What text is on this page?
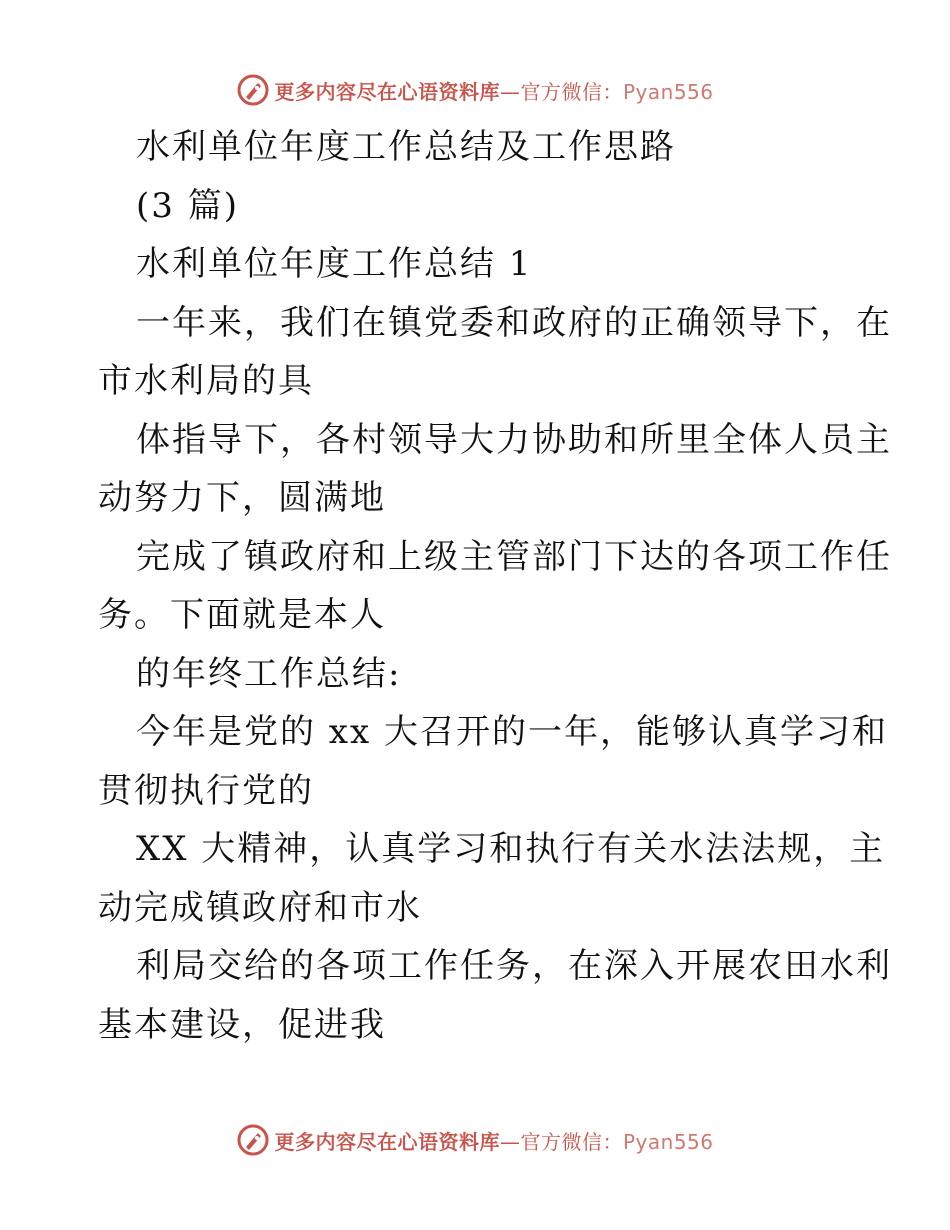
更多内容尽在心语资料库—官方微信：Pyan556
水利单位年度工作总结及工作思路
(3 篇)
水利单位年度工作总结 1
一年来，我们在镇党委和政府的正确领导下，在
市水利局的具
体指导下，各村领导大力协助和所里全体人员主
动努力下，圆满地
完成了镇政府和上级主管部门下达的各项工作任
务。下面就是本人
的年终工作总结:
今年是党的 xx 大召开的一年，能够认真学习和
贯彻执行党的
XX 大精神，认真学习和执行有关水法法规，主
动完成镇政府和市水
利局交给的各项工作任务，在深入开展农田水利
基本建设，促进我
更多内容尽在心语资料库—官方微信：Pyan556
